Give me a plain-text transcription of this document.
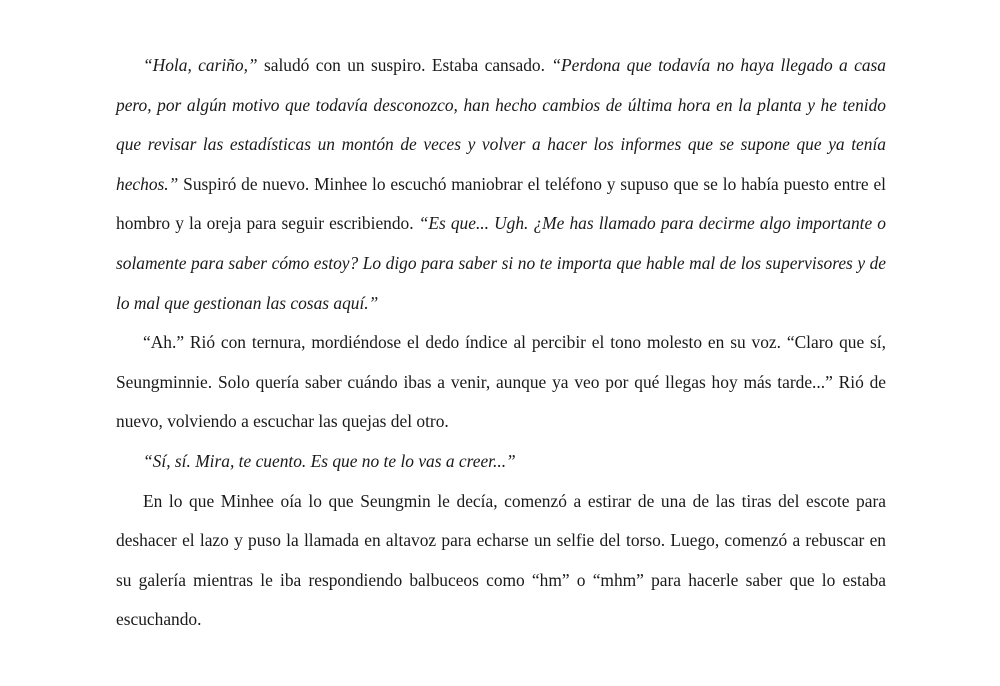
“Hola, cariño,” saludó con un suspiro. Estaba cansado. “Perdona que todavía no haya llegado a casa pero, por algún motivo que todavía desconozco, han hecho cambios de última hora en la planta y he tenido que revisar las estadísticas un montón de veces y volver a hacer los informes que se supone que ya tenía hechos.” Suspiró de nuevo. Minhee lo escuchó maniobrar el teléfono y supuso que se lo había puesto entre el hombro y la oreja para seguir escribiendo. “Es que... Ugh. ¿Me has llamado para decirme algo importante o solamente para saber cómo estoy? Lo digo para saber si no te importa que hable mal de los supervisores y de lo mal que gestionan las cosas aquí.”

“Ah.” Rió con ternura, mordiéndose el dedo índice al percibir el tono molesto en su voz. “Claro que sí, Seungminnie. Solo quería saber cuándo ibas a venir, aunque ya veo por qué llegas hoy más tarde...” Rió de nuevo, volviendo a escuchar las quejas del otro.

“Sí, sí. Mira, te cuento. Es que no te lo vas a creer...”

En lo que Minhee oía lo que Seungmin le decía, comenzó a estirar de una de las tiras del escote para deshacer el lazo y puso la llamada en altavoz para echarse un selfie del torso. Luego, comenzó a rebuscar en su galería mientras le iba respondiendo balbuceos como “hm” o “mhm” para hacerle saber que lo estaba escuchando.
